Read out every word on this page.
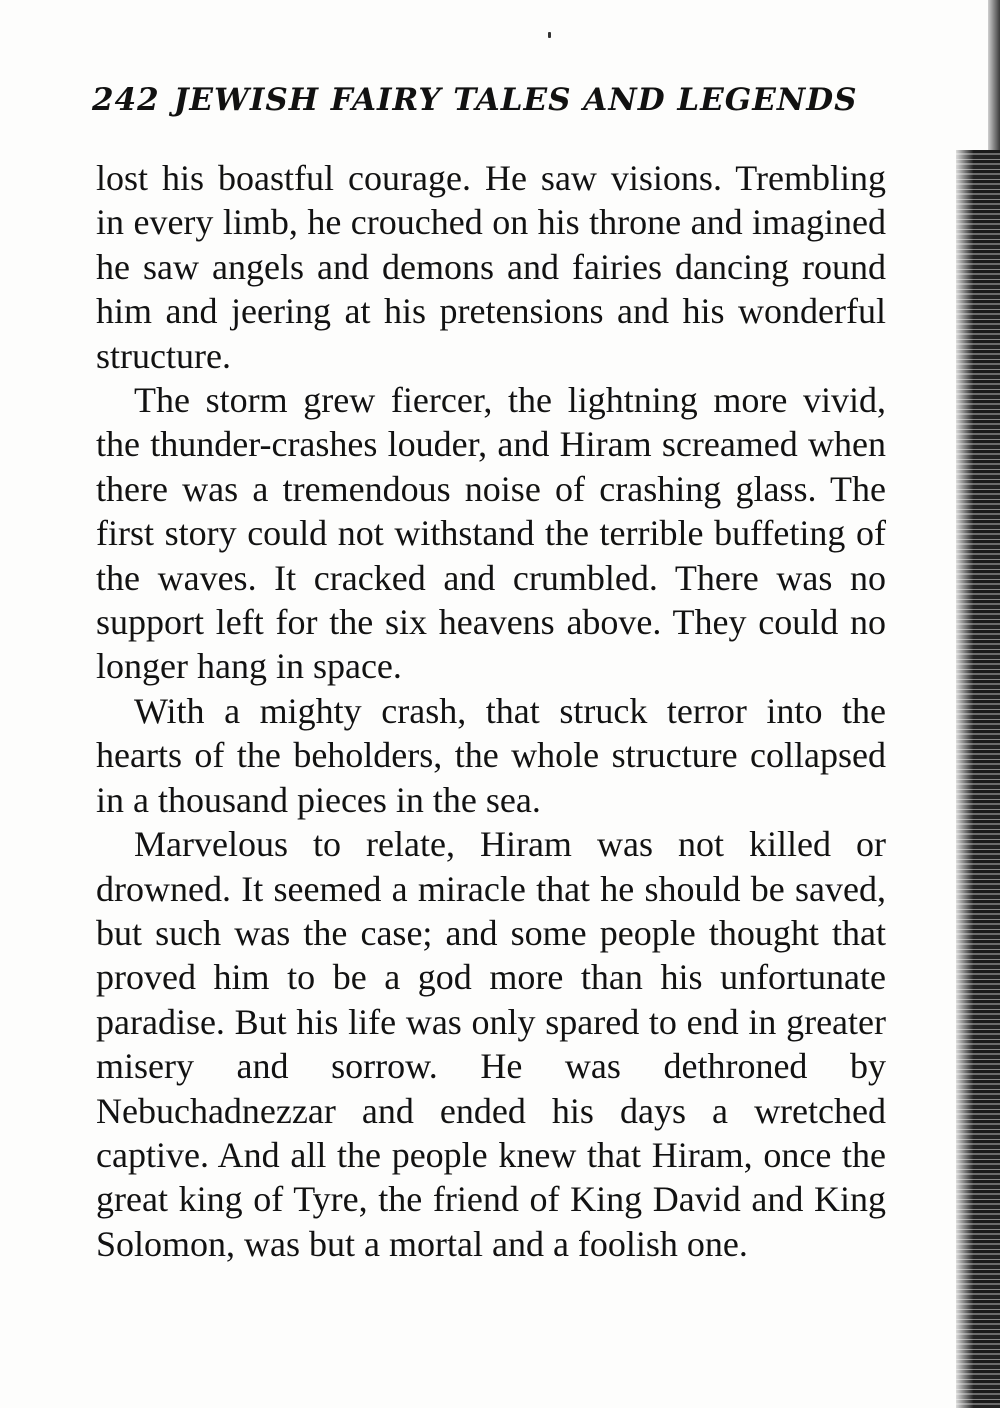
242 JEWISH FAIRY TALES AND LEGENDS

lost his boastful courage. He saw visions. Trembling in every limb, he crouched on his throne and imagined he saw angels and demons and fairies dancing round him and jeering at his pretensions and his wonderful structure.

The storm grew fiercer, the lightning more vivid, the thunder-crashes louder, and Hiram screamed when there was a tremendous noise of crashing glass. The first story could not withstand the terrible buffeting of the waves. It cracked and crumbled. There was no support left for the six heavens above. They could no longer hang in space.

With a mighty crash, that struck terror into the hearts of the beholders, the whole structure collapsed in a thousand pieces in the sea.

Marvelous to relate, Hiram was not killed or drowned. It seemed a miracle that he should be saved, but such was the case; and some people thought that proved him to be a god more than his unfortunate paradise. But his life was only spared to end in greater misery and sorrow. He was dethroned by Nebuchadnezzar and ended his days a wretched captive. And all the people knew that Hiram, once the great king of Tyre, the friend of King David and King Solomon, was but a mortal and a foolish one.
